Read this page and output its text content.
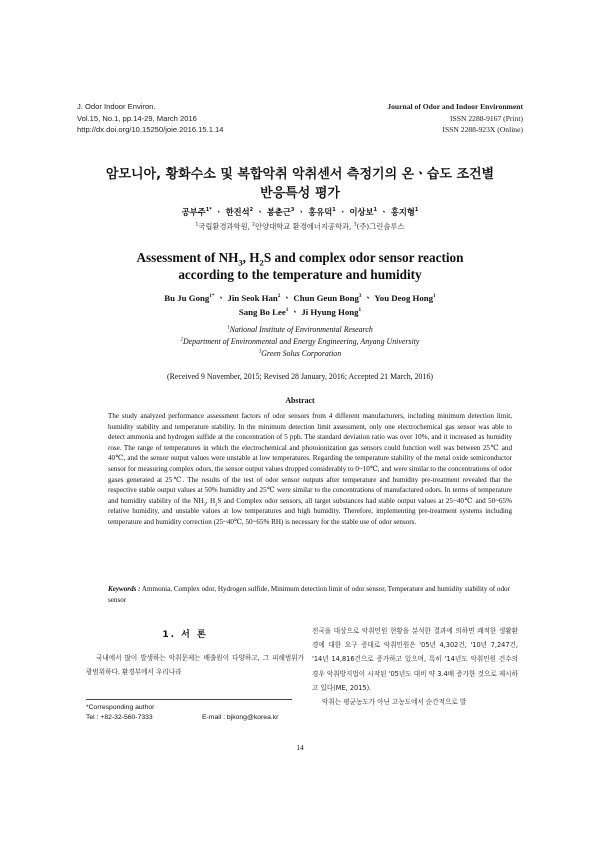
J. Odor Indoor Environ.
Vol.15, No.1, pp.14-29, March 2016
http://dx.doi.org/10.15250/joie.2016.15.1.14
Journal of Odor and Indoor Environment
ISSN 2288-9167 (Print)
ISSN 2288-923X (Online)
암모니아, 황화수소 및 복합악취 악취센서 측정기의 온ㆍ습도 조건별
반응특성 평가
공부주$^{1*}$ ㆍ 한진석$^2$ ㆍ 봉춘근$^3$ ㆍ 홍유덕$^1$ ㆍ 이상보$^1$ ㆍ 홍지형$^1$
$^1$국립환경과학원, $^2$안양대학교 환경에너지공학과, $^3$(주)그린솔루스
Assessment of $NH_3$, $H_2S$ and complex odor sensor reaction
according to the temperature and humidity
Bu Ju Gong$^{1*}$ ㆍ Jin Seok Han$^2$ ㆍ Chun Geun Bong$^3$ ㆍ You Deog Hong$^1$
Sang Bo Lee$^1$ ㆍ Ji Hyung Hong$^1$
$^1$National Institute of Environmental Research
$^2$Department of Environmental and Energy Engineering, Anyang University
$^3$Green Solus Corporation
(Received 9 November, 2015; Revised 28 January, 2016; Accepted 21 March, 2016)
Abstract
The study analyzed performance assessment factors of odor sensors from 4 different manufacturers, including minimum detection limit, humidity stability and temperature stability. In the minimum detection limit assessment, only one electrochemical gas sensor was able to detect ammonia and hydrogen sulfide at the concentration of 5 ppb. The standard deviation ratio was over 10%, and it increased as humidity rose. The range of temperatures in which the electrochemical and photoionization gas sensors could function well was between 25℃ and 40℃, and the sensor output values were unstable at low temperatures. Regarding the temperature stability of the metal oxide semiconductor sensor for measuring complex odors, the sensor output values dropped considerably to 0~10℃, and were similar to the concentrations of odor gases generated at 25℃. The results of the test of odor sensor outputs after temperature and humidity pre-treatment revealed that the respective stable output values at 50% humidity and 25℃ were similar to the concentrations of manufactured odors. In terms of temperature and humidity stability of the $NH_3$, $H_2S$ and Complex odor sensors, all target substances had stable output values at 25~40℃ and 50~65% relative humidity, and unstable values at low temperatures and high humidity. Therefore, implementing pre-treatment systems including temperature and humidity correction (25~40℃, 50~65% RH) is necessary for the stable use of odor sensors.
Keywords : Ammonia, Complex odor, Hydrogen sulfide, Minimum detection limit of odor sensor, Temperature and humidity stability of odor sensor
1. 서 론
국내에서 많이 발생하는 악취문제는 배출원이 다양하고, 그 피해범위가 광범위하다. 환경부에서 우리나라
전국을 대상으로 악취민원 현황을 분석한 결과에 의하면 쾌적한 생활환경에 대한 요구 증대로 악취민원은 '05년 4,302건, '10년 7,247건, '14년 14,816건으로 증가하고 있으며, 특히 '14년도 악취민원 건수의 경우 악취방지법이 시작된 '05년도 대비 약 3.4배 증가한 것으로 제시하고 있다(ME, 2015).
악취는 평균농도가 아닌 고농도에서 순간적으로 발
*Corresponding author
Tel : +82-32-560-7333	E-mail : bjkong@korea.kr
14
